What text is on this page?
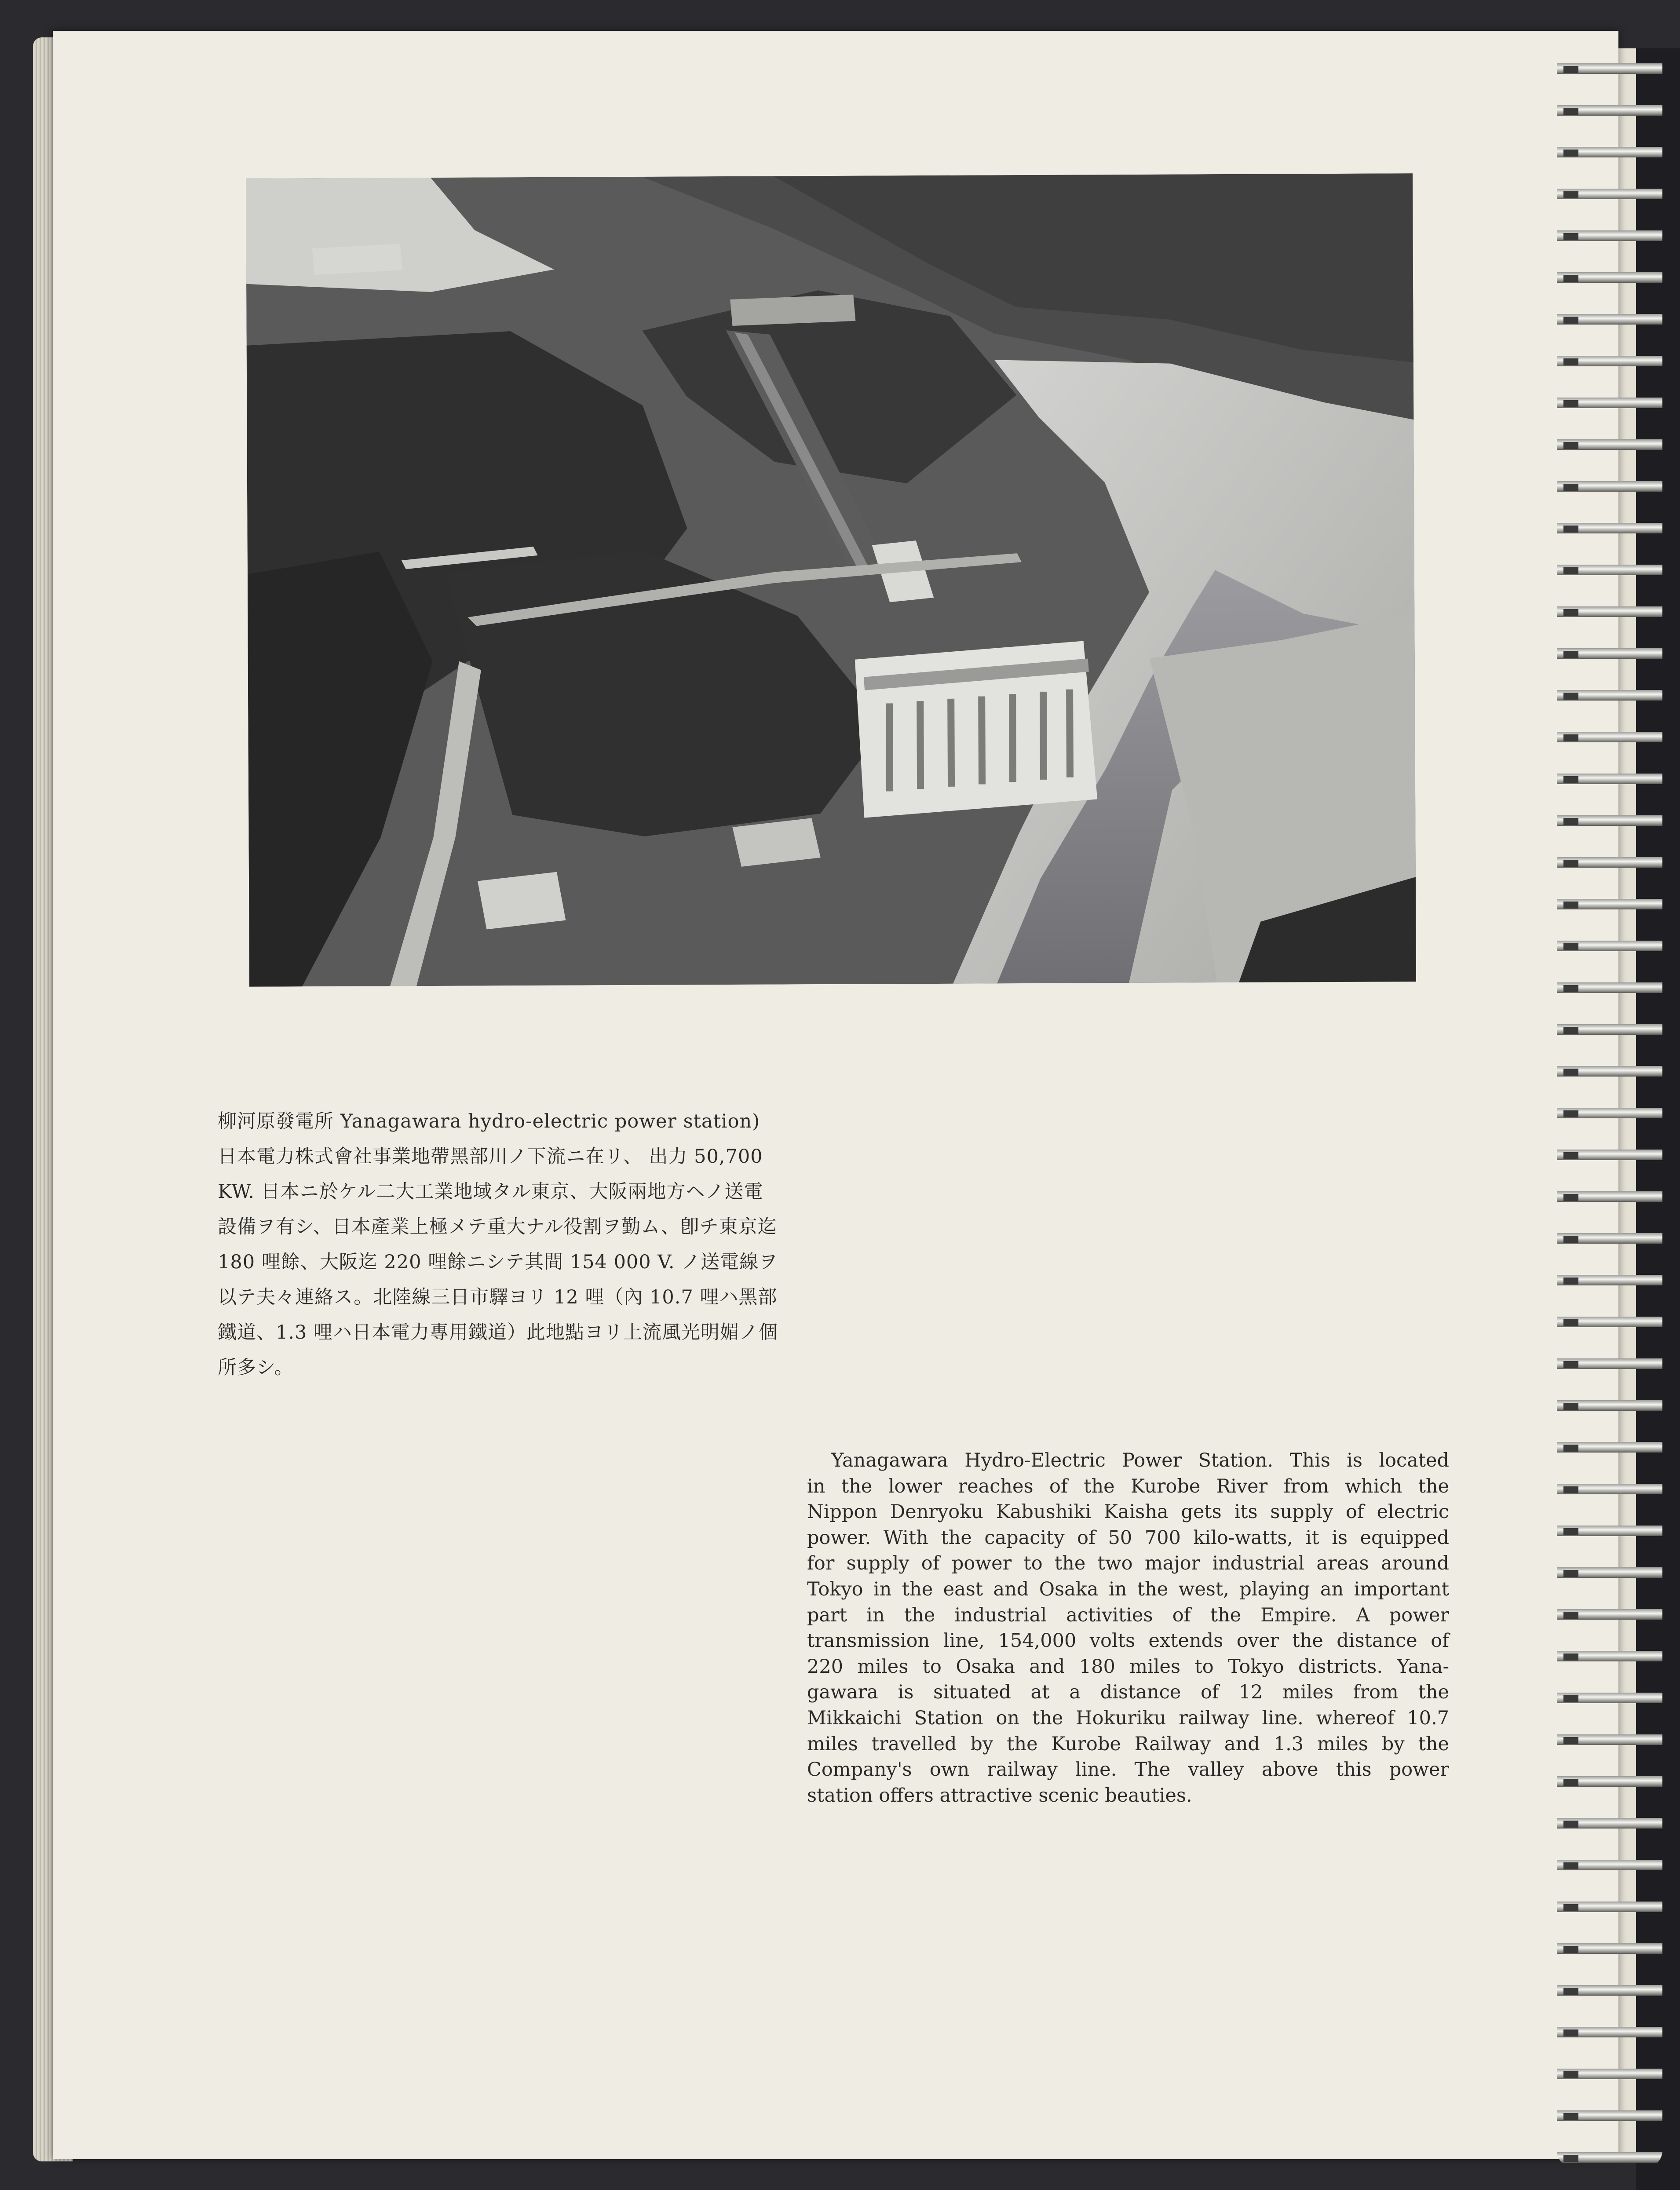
柳河原發電所 Yanagawara hydro-electric power station)

日本電力株式會社事業地帶黑部川ノ下流ニ在リ、 出力 50,700

KW. 日本ニ於ケル二大工業地域タル東京、大阪兩地方ヘノ送電

設備ヲ有シ、日本產業上極メテ重大ナル役割ヲ勤ム、卽チ東京迄

180 哩餘、大阪迄 220 哩餘ニシテ其間 154 000 V. ノ送電線ヲ

以テ夫々連絡ス。北陸線三日市驛ヨリ 12 哩（內 10.7 哩ハ黑部

鐵道、1.3 哩ハ日本電力專用鐵道）此地點ヨリ上流風光明媚ノ個

所多シ。

Yanagawara Hydro-Electric Power Station. This is located

in the lower reaches of the Kurobe River from which the

Nippon Denryoku Kabushiki Kaisha gets its supply of electric

power. With the capacity of 50 700 kilo-watts, it is equipped

for supply of power to the two major industrial areas around

Tokyo in the east and Osaka in the west, playing an important

part in the industrial activities of the Empire. A power

transmission line, 154,000 volts extends over the distance of

220 miles to Osaka and 180 miles to Tokyo districts. Yana-

gawara is situated at a distance of 12 miles from the

Mikkaichi Station on the Hokuriku railway line. whereof 10.7

miles travelled by the Kurobe Railway and 1.3 miles by the

Company's own railway line. The valley above this power

station offers attractive scenic beauties.
